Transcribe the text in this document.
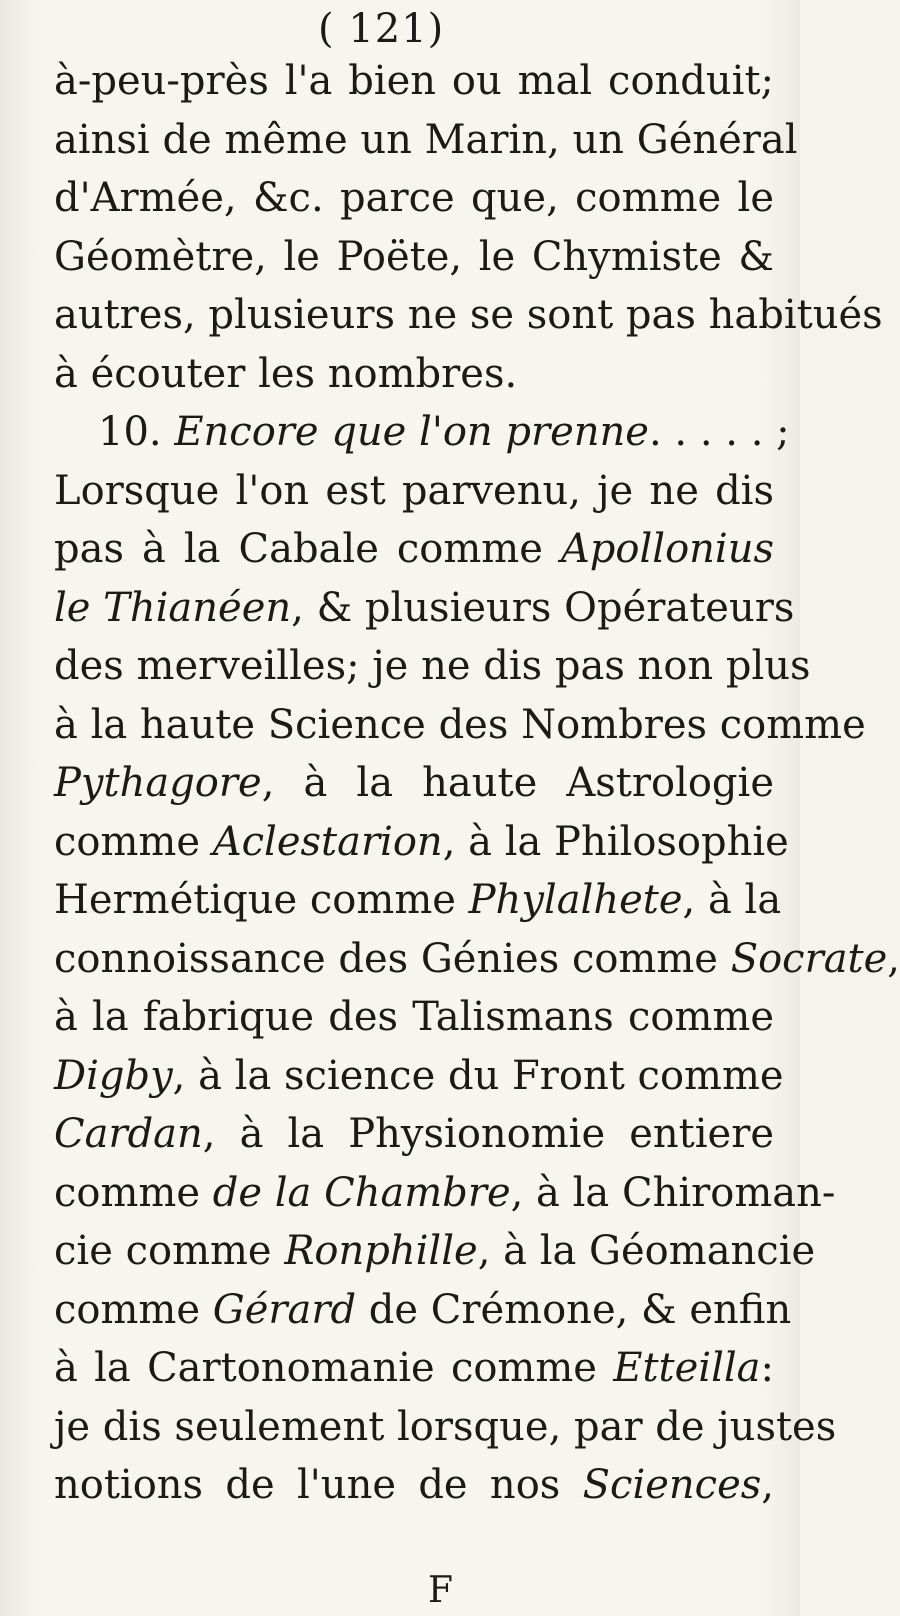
( 121)
à-peu-près l'a bien ou mal conduit;
ainsi de même un Marin, un Général
d'Armée, &c. parce que, comme le
Géomètre, le Poëte, le Chymiste &
autres, plusieurs ne se sont pas habitués
à écouter les nombres.
10. Encore que l'on prenne. . . . . ;
Lorsque l'on est parvenu, je ne dis
pas à la Cabale comme Apollonius
le Thianéen, & plusieurs Opérateurs
des merveilles; je ne dis pas non plus
à la haute Science des Nombres comme
Pythagore, à la haute Astrologie
comme Aclestarion, à la Philosophie
Hermétique comme Phylalhete, à la
connoissance des Génies comme Socrate,
à la fabrique des Talismans comme
Digby, à la science du Front comme
Cardan, à la Physionomie entiere
comme de la Chambre, à la Chiroman-
cie comme Ronphille, à la Géomancie
comme Gérard de Crémone, & enfin
à la Cartonomanie comme Etteilla:
je dis seulement lorsque, par de justes
notions de l'une de nos Sciences,
F
